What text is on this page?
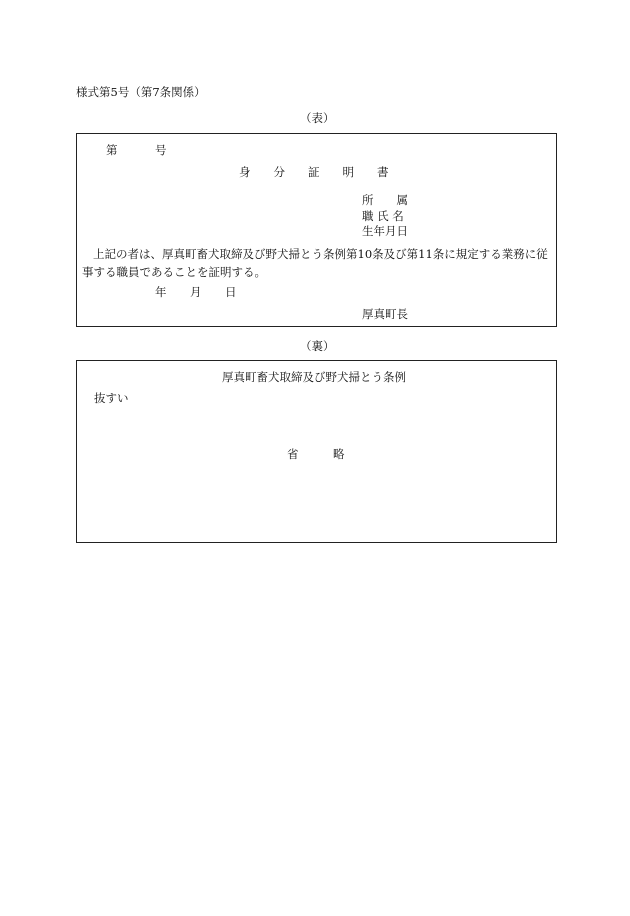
様式第5号（第7条関係）
（表）
第	号
身　　分　　証　　明　　書
所　　属
職 氏 名
生年月日
上記の者は、厚真町畜犬取締及び野犬掃とう条例第10条及び第11条に規定する業務に従事する職員であることを証明する。
年 月 日
厚真町長
（裏）
厚真町畜犬取締及び野犬掃とう条例
抜すい
省　　　略
